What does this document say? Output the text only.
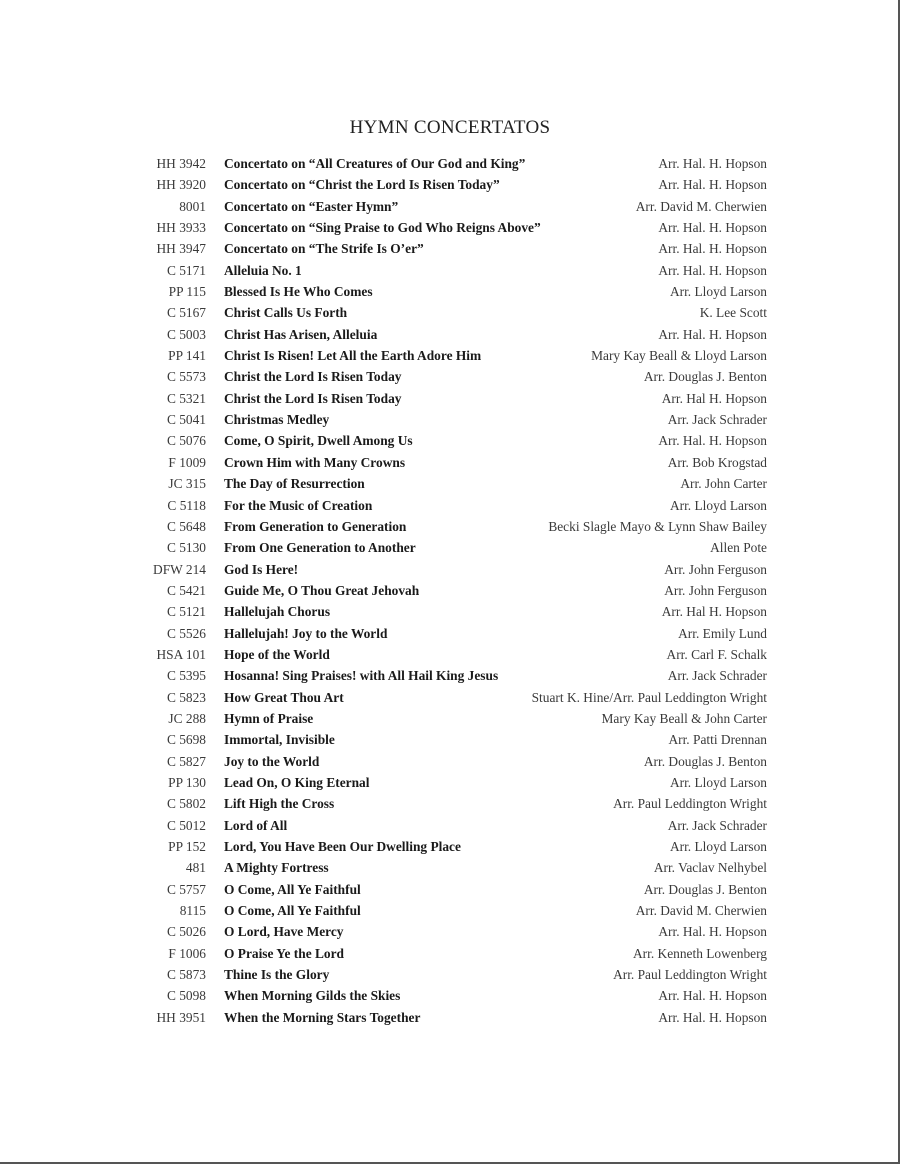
HYMN CONCERTATOS
HH 3942 Concertato on “All Creatures of Our God and King”	Arr. Hal. H. Hopson
HH 3920 Concertato on “Christ the Lord Is Risen Today”	Arr. Hal. H. Hopson
8001 Concertato on “Easter Hymn”	Arr. David M. Cherwien
HH 3933 Concertato on “Sing Praise to God Who Reigns Above”	Arr. Hal. H. Hopson
HH 3947 Concertato on “The Strife Is O’er”	Arr. Hal. H. Hopson
C 5171 Alleluia No. 1	Arr. Hal. H. Hopson
PP 115 Blessed Is He Who Comes	Arr. Lloyd Larson
C 5167 Christ Calls Us Forth	K. Lee Scott
C 5003 Christ Has Arisen, Alleluia	Arr. Hal. H. Hopson
PP 141 Christ Is Risen! Let All the Earth Adore Him	Mary Kay Beall & Lloyd Larson
C 5573 Christ the Lord Is Risen Today	Arr. Douglas J. Benton
C 5321 Christ the Lord Is Risen Today	Arr. Hal H. Hopson
C 5041 Christmas Medley	Arr. Jack Schrader
C 5076 Come, O Spirit, Dwell Among Us	Arr. Hal. H. Hopson
F 1009 Crown Him with Many Crowns	Arr. Bob Krogstad
JC 315 The Day of Resurrection	Arr. John Carter
C 5118 For the Music of Creation	Arr. Lloyd Larson
C 5648 From Generation to Generation	Becki Slagle Mayo & Lynn Shaw Bailey
C 5130 From One Generation to Another	Allen Pote
DFW 214 God Is Here!	Arr. John Ferguson
C 5421 Guide Me, O Thou Great Jehovah	Arr. John Ferguson
C 5121 Hallelujah Chorus	Arr. Hal H. Hopson
C 5526 Hallelujah! Joy to the World	Arr. Emily Lund
HSA 101 Hope of the World	Arr. Carl F. Schalk
C 5395 Hosanna! Sing Praises! with All Hail King Jesus	Arr. Jack Schrader
C 5823 How Great Thou Art	Stuart K. Hine/Arr. Paul Leddington Wright
JC 288 Hymn of Praise	Mary Kay Beall & John Carter
C 5698 Immortal, Invisible	Arr. Patti Drennan
C 5827 Joy to the World	Arr. Douglas J. Benton
PP 130 Lead On, O King Eternal	Arr. Lloyd Larson
C 5802 Lift High the Cross	Arr. Paul Leddington Wright
C 5012 Lord of All	Arr. Jack Schrader
PP 152 Lord, You Have Been Our Dwelling Place	Arr. Lloyd Larson
481 A Mighty Fortress	Arr. Vaclav Nelhybel
C 5757 O Come, All Ye Faithful	Arr. Douglas J. Benton
8115 O Come, All Ye Faithful	Arr. David M. Cherwien
C 5026 O Lord, Have Mercy	Arr. Hal. H. Hopson
F 1006 O Praise Ye the Lord	Arr. Kenneth Lowenberg
C 5873 Thine Is the Glory	Arr. Paul Leddington Wright
C 5098 When Morning Gilds the Skies	Arr. Hal. H. Hopson
HH 3951 When the Morning Stars Together	Arr. Hal. H. Hopson
